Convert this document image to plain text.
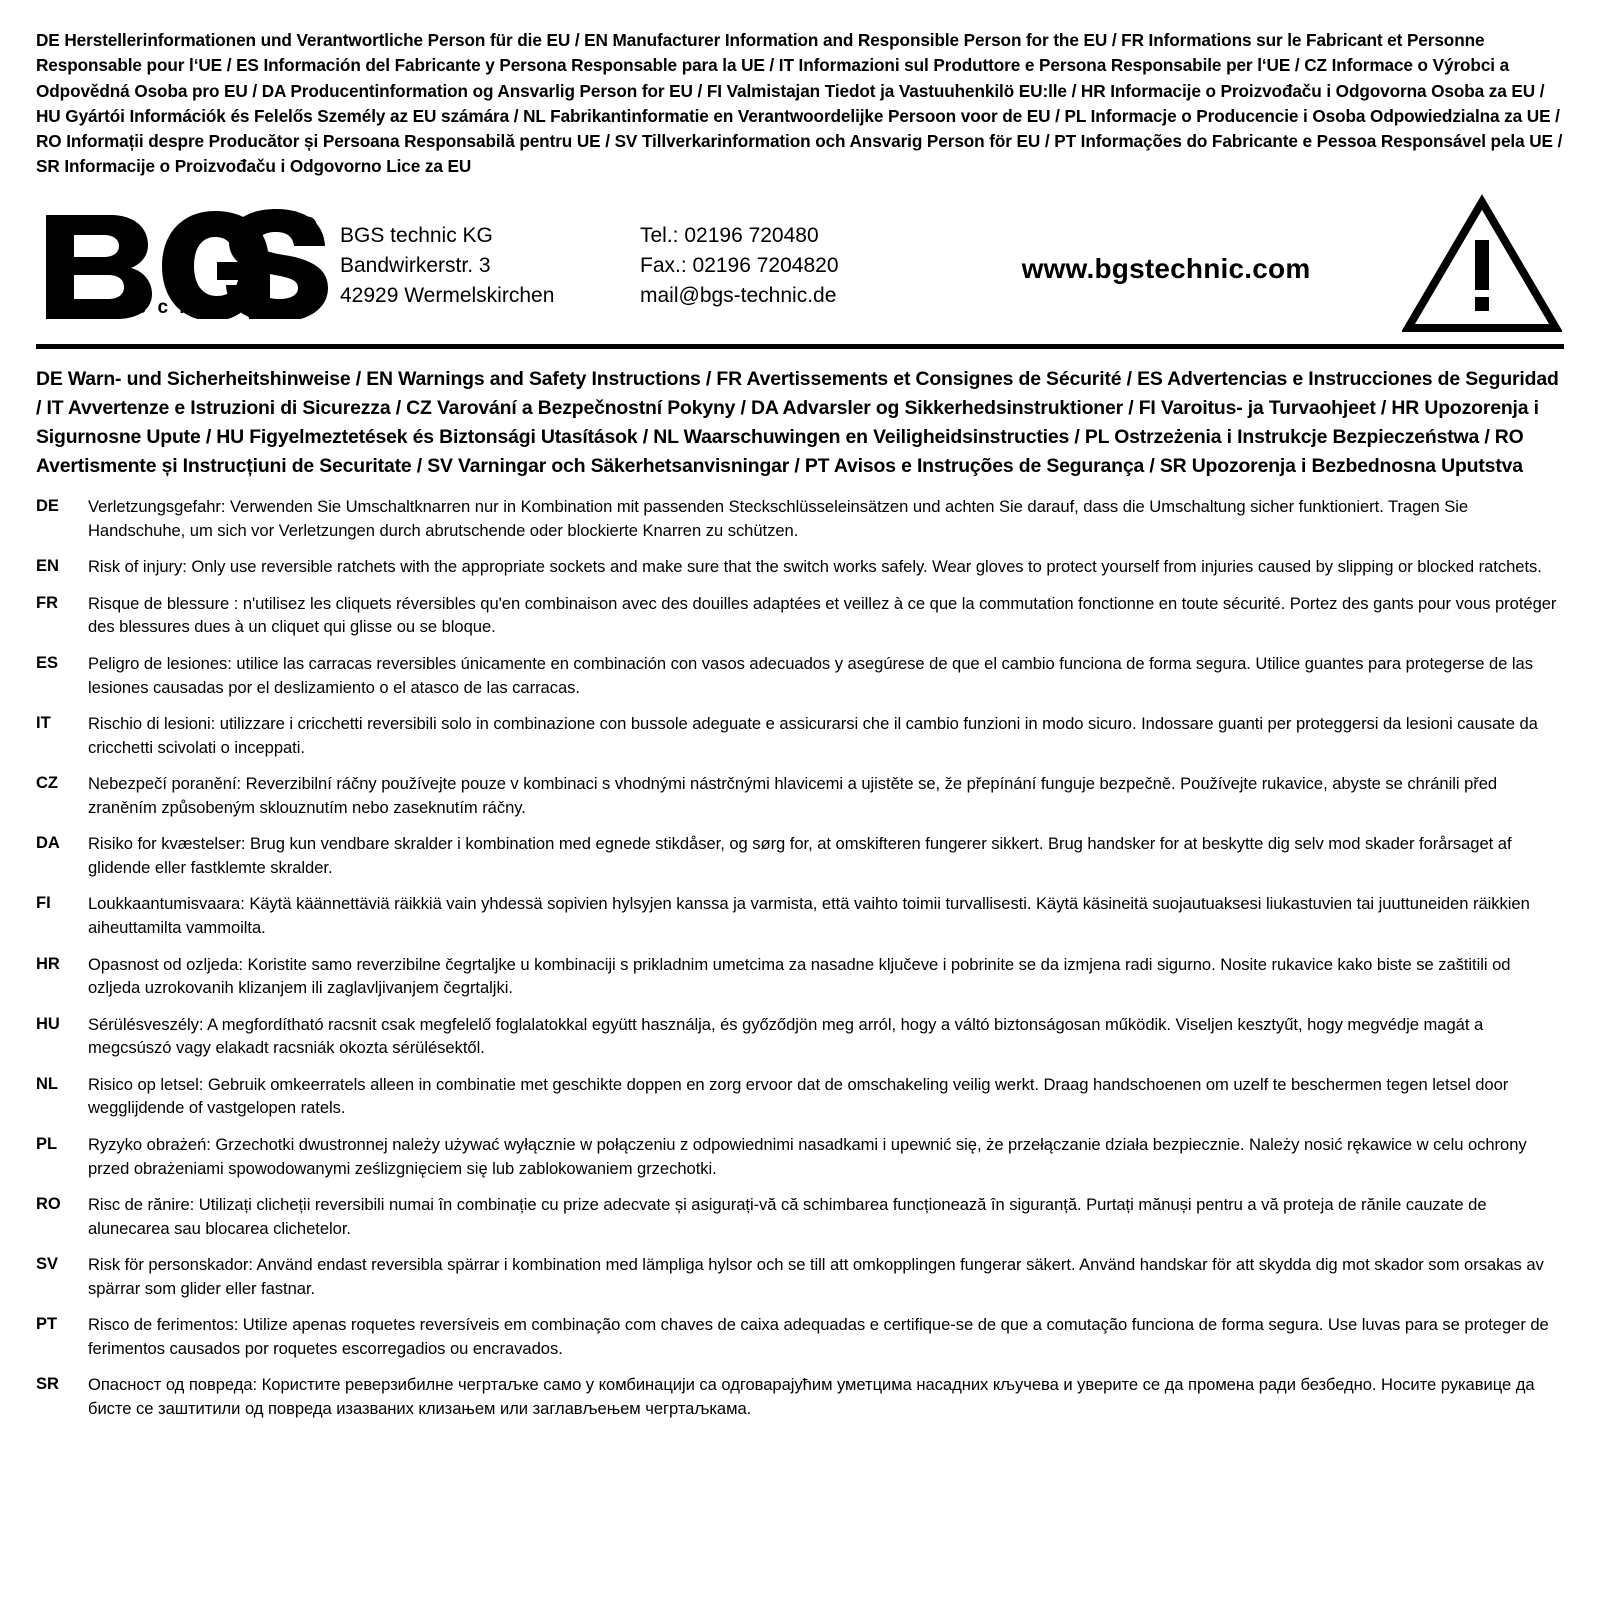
DE Herstellerinformationen und Verantwortliche Person für die EU / EN Manufacturer Information and Responsible Person for the EU / FR Informations sur le Fabricant et Personne Responsable pour l‘UE / ES Información del Fabricante y Persona Responsable para la UE / IT Informazioni sul Produttore e Persona Responsabile per l‘UE / CZ Informace o Výrobci a Odpovědná Osoba pro EU / DA Producentinformation og Ansvarlig Person for EU / FI Valmistajan Tiedot ja Vastuuhenkilö EU:lle / HR Informacije o Proizvođaču i Odgovorna Osoba za EU / HU Gyártói Információk és Felelős Személy az EU számára / NL Fabrikantinformatie en Verantwoordelijke Persoon voor de EU / PL Informacje o Producencie i Osoba Odpowiedzialna za UE / RO Informații despre Producător și Persoana Responsabilă pentru UE / SV Tillverkarinformation och Ansvarig Person för EU / PT Informações do Fabricante e Pessoa Responsável pela UE / SR Informacije o Proizvođaču i Odgovorno Lice za EU
®
t e c h n i c
BGS technic KG
Bandwirkerstr. 3
42929 Wermelskirchen
Tel.: 02196 720480
Fax.: 02196 7204820
mail@bgs-technic.de
www.bgstechnic.com
DE Warn- und Sicherheitshinweise / EN Warnings and Safety Instructions / FR Avertissements et Consignes de Sécurité / ES Advertencias e Instrucciones de Seguridad / IT Avvertenze e Istruzioni di Sicurezza / CZ Varování a Bezpečnostní Pokyny / DA Advarsler og Sikkerhedsinstruktioner / FI Varoitus- ja Turvaohjeet / HR Upozorenja i Sigurnosne Upute / HU Figyelmeztetések és Biztonsági Utasítások / NL Waarschuwingen en Veiligheidsinstructies / PL Ostrzeżenia i Instrukcje Bezpieczeństwa / RO Avertismente și Instrucțiuni de Securitate / SV Varningar och Säkerhetsanvisningar / PT Avisos e Instruções de Segurança / SR Upozorenja i Bezbednosna Uputstva
DE	Verletzungsgefahr: Verwenden Sie Umschaltknarren nur in Kombination mit passenden Steckschlüsseleinsätzen und achten Sie darauf, dass die Umschaltung sicher funktioniert. Tragen Sie Handschuhe, um sich vor Verletzungen durch abrutschende oder blockierte Knarren zu schützen.
EN	Risk of injury: Only use reversible ratchets with the appropriate sockets and make sure that the switch works safely. Wear gloves to protect yourself from injuries caused by slipping or blocked ratchets.
FR	Risque de blessure : n'utilisez les cliquets réversibles qu'en combinaison avec des douilles adaptées et veillez à ce que la commutation fonctionne en toute sécurité. Portez des gants pour vous protéger des blessures dues à un cliquet qui glisse ou se bloque.
ES	Peligro de lesiones: utilice las carracas reversibles únicamente en combinación con vasos adecuados y asegúrese de que el cambio funciona de forma segura. Utilice guantes para protegerse de las lesiones causadas por el deslizamiento o el atasco de las carracas.
IT	Rischio di lesioni: utilizzare i cricchetti reversibili solo in combinazione con bussole adeguate e assicurarsi che il cambio funzioni in modo sicuro. Indossare guanti per proteggersi da lesioni causate da cricchetti scivolati o inceppati.
CZ	Nebezpečí poranění: Reverzibilní ráčny používejte pouze v kombinaci s vhodnými nástrčnými hlavicemi a ujistěte se, že přepínání funguje bezpečně. Používejte rukavice, abyste se chránili před zraněním způsobeným sklouznutím nebo zaseknutím ráčny.
DA	Risiko for kvæstelser: Brug kun vendbare skralder i kombination med egnede stikdåser, og sørg for, at omskifteren fungerer sikkert. Brug handsker for at beskytte dig selv mod skader forårsaget af glidende eller fastklemte skralder.
FI	Loukkaantumisvaara: Käytä käännettäviä räikkiä vain yhdessä sopivien hylsyjen kanssa ja varmista, että vaihto toimii turvallisesti. Käytä käsineitä suojautuaksesi liukastuvien tai juuttuneiden räikkien aiheuttamilta vammoilta.
HR	Opasnost od ozljeda: Koristite samo reverzibilne čegrtaljke u kombinaciji s prikladnim umetcima za nasadne ključeve i pobrinite se da izmjena radi sigurno. Nosite rukavice kako biste se zaštitili od ozljeda uzrokovanih klizanjem ili zaglavljivanjem čegrtaljki.
HU	Sérülésveszély: A megfordítható racsnit csak megfelelő foglalatokkal együtt használja, és győződjön meg arról, hogy a váltó biztonságosan működik. Viseljen kesztyűt, hogy megvédje magát a megcsúszó vagy elakadt racsniák okozta sérülésektől.
NL	Risico op letsel: Gebruik omkeerratels alleen in combinatie met geschikte doppen en zorg ervoor dat de omschakeling veilig werkt. Draag handschoenen om uzelf te beschermen tegen letsel door wegglijdende of vastgelopen ratels.
PL	Ryzyko obrażeń: Grzechotki dwustronnej należy używać wyłącznie w połączeniu z odpowiednimi nasadkami i upewnić się, że przełączanie działa bezpiecznie. Należy nosić rękawice w celu ochrony przed obrażeniami spowodowanymi ześlizgnięciem się lub zablokowaniem grzechotki.
RO	Risc de rănire: Utilizați clicheții reversibili numai în combinație cu prize adecvate și asigurați-vă că schimbarea funcționează în siguranță. Purtați mănuși pentru a vă proteja de rănile cauzate de alunecarea sau blocarea clichetelor.
SV	Risk för personskador: Använd endast reversibla spärrar i kombination med lämpliga hylsor och se till att omkopplingen fungerar säkert. Använd handskar för att skydda dig mot skador som orsakas av spärrar som glider eller fastnar.
PT	Risco de ferimentos: Utilize apenas roquetes reversíveis em combinação com chaves de caixa adequadas e certifique-se de que a comutação funciona de forma segura. Use luvas para se proteger de ferimentos causados por roquetes escorregadios ou encravados.
SR	Опасност од повреда: Користите реверзибилне чегртаљке само у комбинацији са одговарајућим уметцима насадних кључева и уверите се да промена ради безбедно. Носите рукавице да бисте се заштитили од повреда изазваних клизањем или заглављењем чегртаљкама.
